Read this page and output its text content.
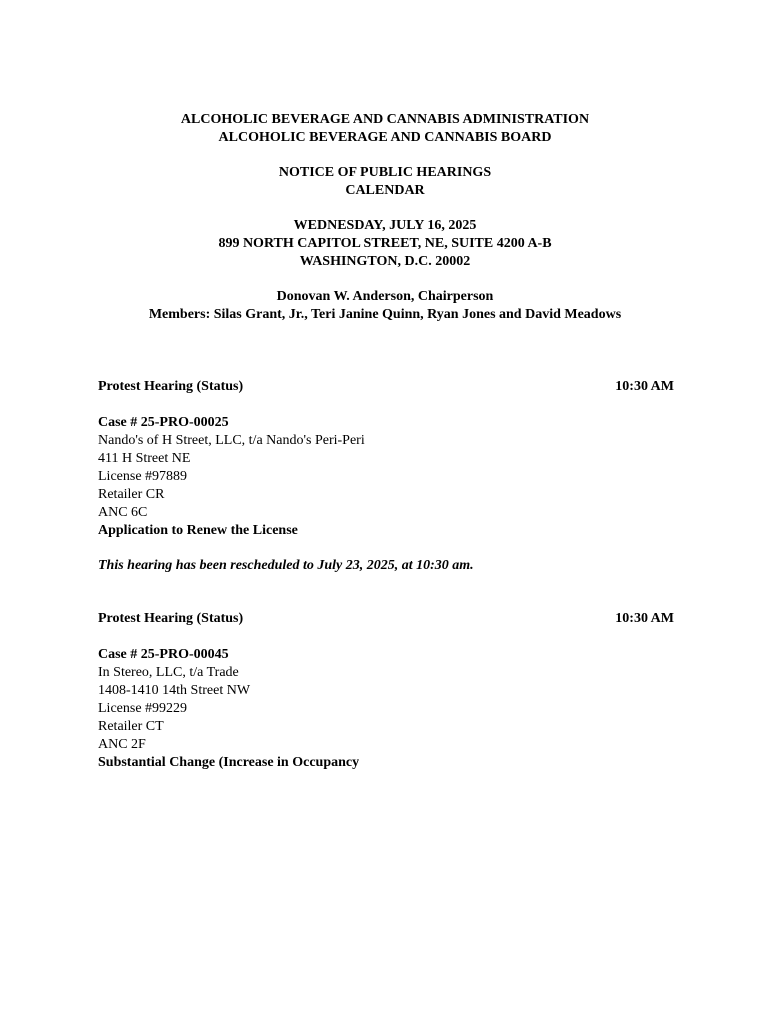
ALCOHOLIC BEVERAGE AND CANNABIS ADMINISTRATION
ALCOHOLIC BEVERAGE AND CANNABIS BOARD
NOTICE OF PUBLIC HEARINGS
CALENDAR
WEDNESDAY, JULY 16, 2025
899 NORTH CAPITOL STREET, NE, SUITE 4200 A-B
WASHINGTON, D.C. 20002
Donovan W. Anderson, Chairperson
Members: Silas Grant, Jr., Teri Janine Quinn, Ryan Jones and David Meadows
Protest Hearing (Status)	10:30 AM
Case # 25-PRO-00025
Nando's of H Street, LLC, t/a Nando's Peri-Peri
411 H Street NE
License #97889
Retailer CR
ANC 6C
Application to Renew the License
This hearing has been rescheduled to July 23, 2025, at 10:30 am.
Protest Hearing (Status)	10:30 AM
Case # 25-PRO-00045
In Stereo, LLC, t/a Trade
1408-1410 14th Street NW
License #99229
Retailer CT
ANC 2F
Substantial Change (Increase in Occupancy
